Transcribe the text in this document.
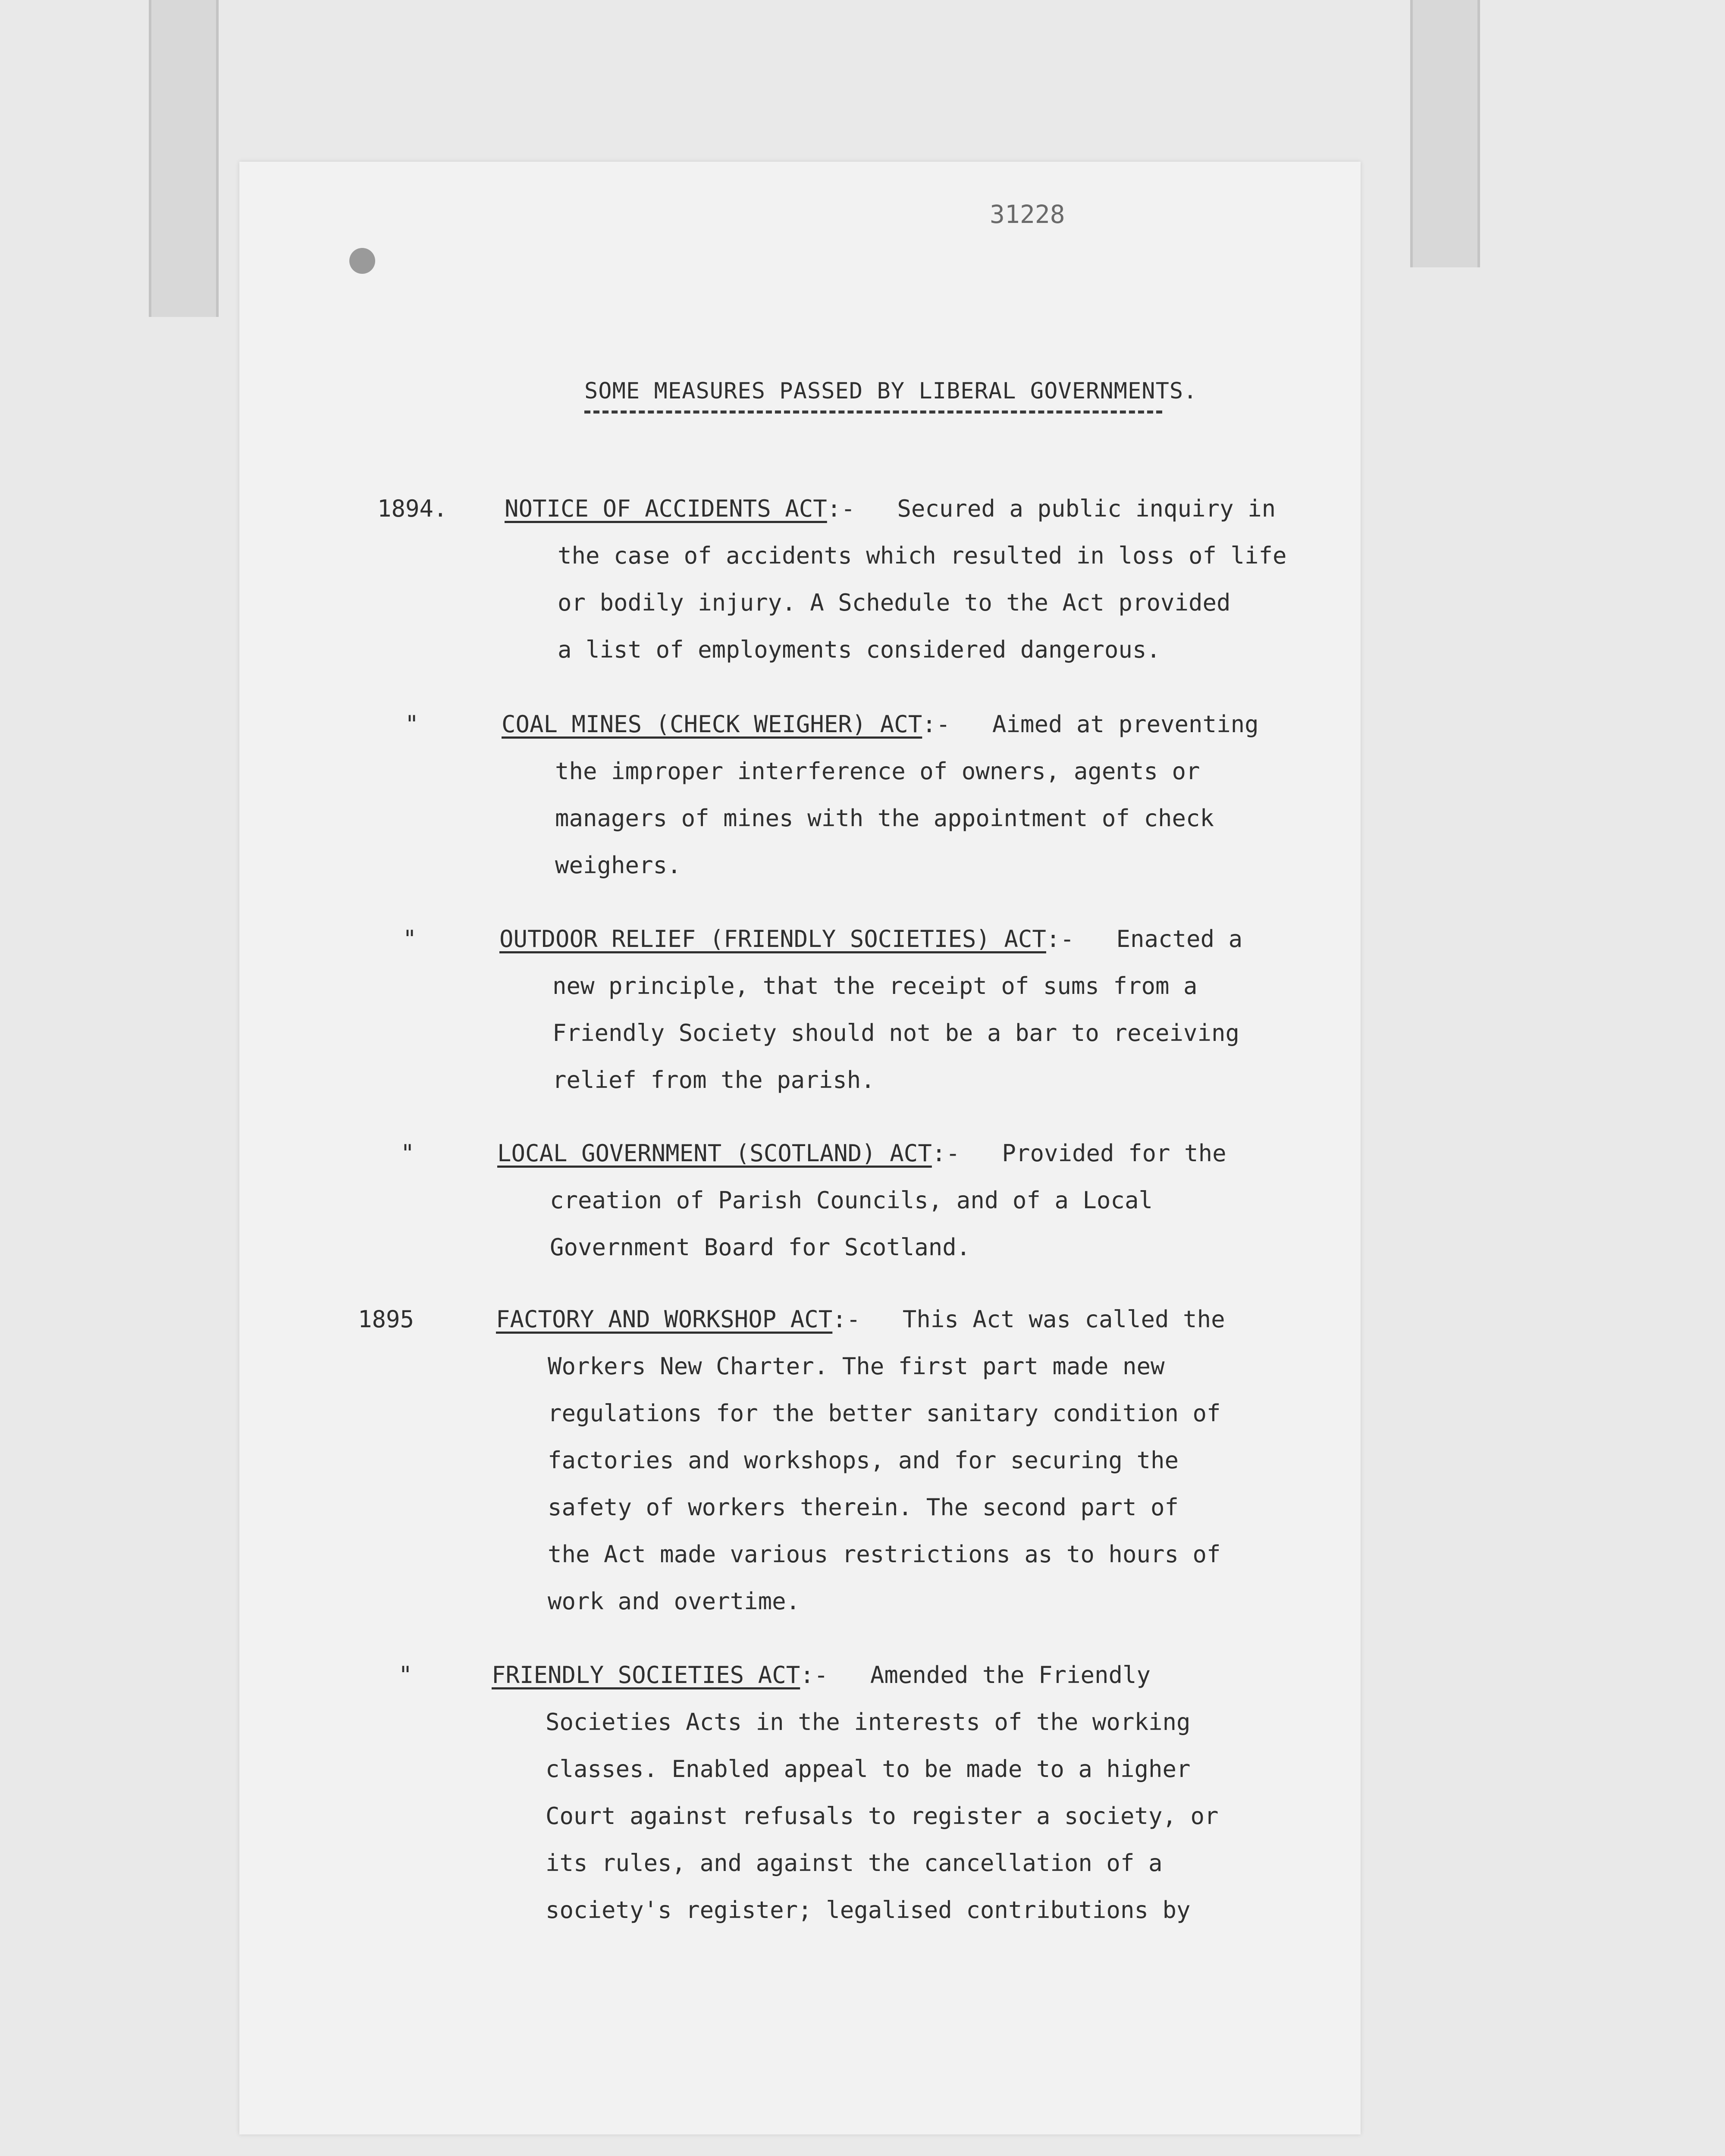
31228
SOME MEASURES PASSED BY LIBERAL GOVERNMENTS.
1894. NOTICE OF ACCIDENTS ACT:- Secured a public inquiry in
the case of accidents which resulted in loss of life
or bodily injury. A Schedule to the Act provided
a list of employments considered dangerous.
"	COAL MINES (CHECK WEIGHER) ACT:- Aimed at preventing
the improper interference of owners, agents or
managers of mines with the appointment of check
weighers.
"	OUTDOOR RELIEF (FRIENDLY SOCIETIES) ACT:- Enacted a
new principle, that the receipt of sums from a
Friendly Society should not be a bar to receiving
relief from the parish.
"	LOCAL GOVERNMENT (SCOTLAND) ACT:- Provided for the
creation of Parish Councils, and of a Local
Government Board for Scotland.
1895	FACTORY AND WORKSHOP ACT:- This Act was called the
Workers New Charter. The first part made new
regulations for the better sanitary condition of
factories and workshops, and for securing the
safety of workers therein. The second part of
the Act made various restrictions as to hours of
work and overtime.
"	FRIENDLY SOCIETIES ACT:- Amended the Friendly
Societies Acts in the interests of the working
classes. Enabled appeal to be made to a higher
Court against refusals to register a society, or
its rules, and against the cancellation of a
society's register; legalised contributions by
